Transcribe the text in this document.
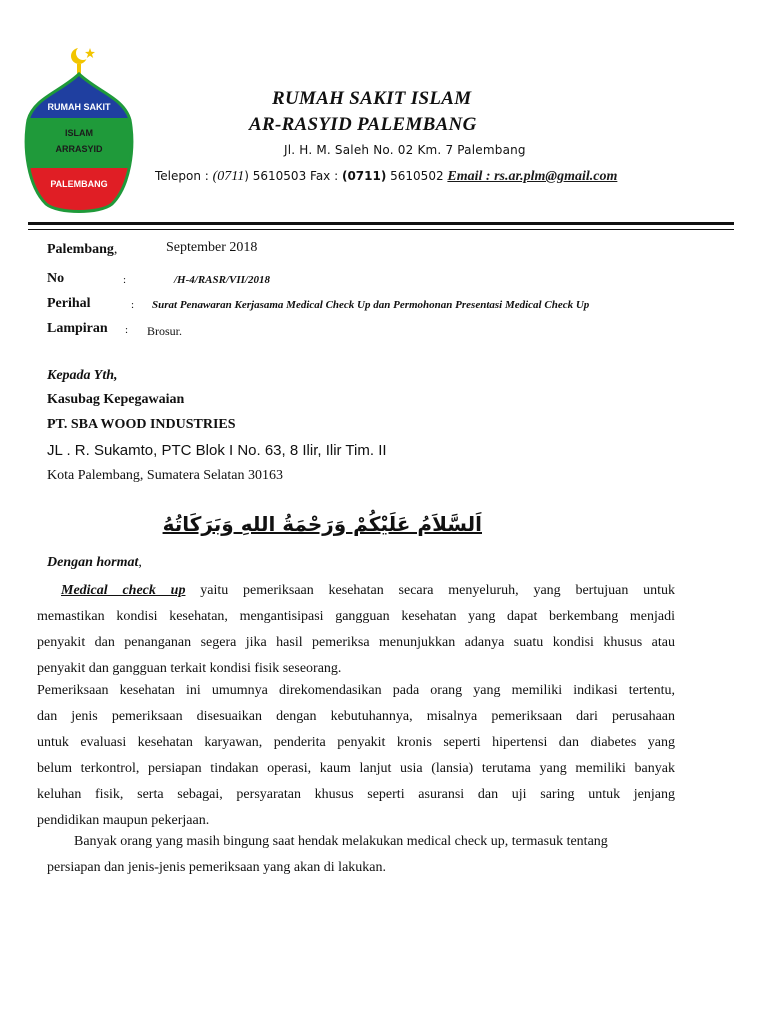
RUMAH SAKIT
ISLAM
ARRASYID
PALEMBANG
RUMAH SAKIT ISLAM
AR-RASYID PALEMBANG
Jl. H. M. Saleh No. 02 Km. 7 Palembang
Telepon : (0711) 5610503 Fax : (0711) 5610502 Email : rs.ar.plm@gmail.com
Palembang,	September 2018
No	:	/H-4/RASR/VII/2018
Perihal	: Surat Penawaran Kerjasama Medical Check Up dan Permohonan Presentasi Medical Check Up
Lampiran : Brosur.
Kepada Yth,
Kasubag Kepegawaian
PT. SBA WOOD INDUSTRIES
JL . R. Sukamto, PTC Blok I No. 63, 8 Ilir, Ilir Tim. II
Kota Palembang, Sumatera Selatan 30163
اَلسَّلاَمُ عَلَيْكُمْ وَرَحْمَةُ اللهِ وَبَرَكَاتُهُ
Dengan hormat,
Medical check up yaitu pemeriksaan kesehatan secara menyeluruh, yang bertujuan untuk
memastikan kondisi kesehatan, mengantisipasi gangguan kesehatan yang dapat berkembang menjadi
penyakit dan penanganan segera jika hasil pemeriksa menunjukkan adanya suatu kondisi khusus atau
penyakit dan gangguan terkait kondisi fisik seseorang.
Pemeriksaan kesehatan ini umumnya direkomendasikan pada orang yang memiliki indikasi tertentu,
dan jenis pemeriksaan disesuaikan dengan kebutuhannya, misalnya pemeriksaan dari perusahaan
untuk evaluasi kesehatan karyawan, penderita penyakit kronis seperti hipertensi dan diabetes yang
belum terkontrol, persiapan tindakan operasi, kaum lanjut usia (lansia) terutama yang memiliki banyak
keluhan fisik, serta sebagai, persyaratan khusus seperti asuransi dan uji saring untuk jenjang
pendidikan maupun pekerjaan.
Banyak orang yang masih bingung saat hendak melakukan medical check up, termasuk tentang
persiapan dan jenis-jenis pemeriksaan yang akan di lakukan.
